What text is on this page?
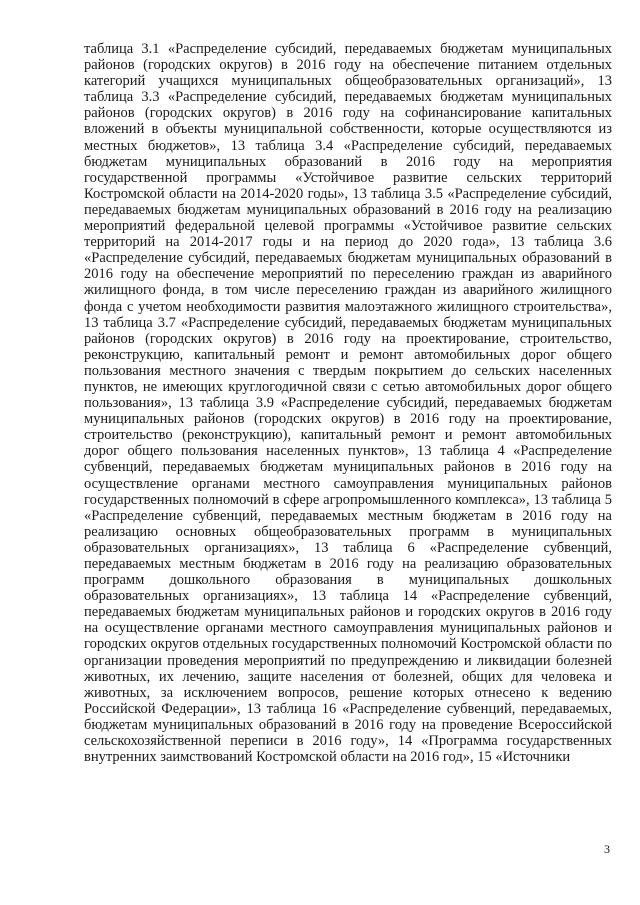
таблица 3.1 «Распределение субсидий, передаваемых бюджетам муниципальных районов (городских округов) в 2016 году на обеспечение питанием отдельных категорий учащихся муниципальных общеобразовательных организаций», 13 таблица 3.3 «Распределение субсидий, передаваемых бюджетам муниципальных районов (городских округов) в 2016 году на софинансирование капитальных вложений в объекты муниципальной собственности, которые осуществляются из местных бюджетов», 13 таблица 3.4 «Распределение субсидий, передаваемых бюджетам муниципальных образований в 2016 году на мероприятия государственной программы «Устойчивое развитие сельских территорий Костромской области на 2014-2020 годы», 13 таблица 3.5 «Распределение субсидий, передаваемых бюджетам муниципальных образований в 2016 году на реализацию мероприятий федеральной целевой программы «Устойчивое развитие сельских территорий на 2014-2017 годы и на период до 2020 года», 13 таблица 3.6 «Распределение субсидий, передаваемых бюджетам муниципальных образований в 2016 году на обеспечение мероприятий по переселению граждан из аварийного жилищного фонда, в том числе переселению граждан из аварийного жилищного фонда с учетом необходимости развития малоэтажного жилищного строительства», 13 таблица 3.7 «Распределение субсидий, передаваемых бюджетам муниципальных районов (городских округов) в 2016 году на проектирование, строительство, реконструкцию, капитальный ремонт и ремонт автомобильных дорог общего пользования местного значения с твердым покрытием до сельских населенных пунктов, не имеющих круглогодичной связи с сетью автомобильных дорог общего пользования», 13 таблица 3.9 «Распределение субсидий, передаваемых бюджетам муниципальных районов (городских округов) в 2016 году на проектирование, строительство (реконструкцию), капитальный ремонт и ремонт автомобильных дорог общего пользования населенных пунктов», 13 таблица 4 «Распределение субвенций, передаваемых бюджетам муниципальных районов в 2016 году на осуществление органами местного самоуправления муниципальных районов государственных полномочий в сфере агропромышленного комплекса», 13 таблица 5 «Распределение субвенций, передаваемых местным бюджетам в 2016 году на реализацию основных общеобразовательных программ в муниципальных образовательных организациях», 13 таблица 6 «Распределение субвенций, передаваемых местным бюджетам в 2016 году на реализацию образовательных программ дошкольного образования в муниципальных дошкольных образовательных организациях», 13 таблица 14 «Распределение субвенций, передаваемых бюджетам муниципальных районов и городских округов в 2016 году на осуществление органами местного самоуправления муниципальных районов и городских округов отдельных государственных полномочий Костромской области по организации проведения мероприятий по предупреждению и ликвидации болезней животных, их лечению, защите населения от болезней, общих для человека и животных, за исключением вопросов, решение которых отнесено к ведению Российской Федерации», 13 таблица 16 «Распределение субвенций, передаваемых, бюджетам муниципальных образований в 2016 году на проведение Всероссийской сельскохозяйственной переписи в 2016 году», 14 «Программа государственных внутренних заимствований Костромской области на 2016 год», 15 «Источники

3
